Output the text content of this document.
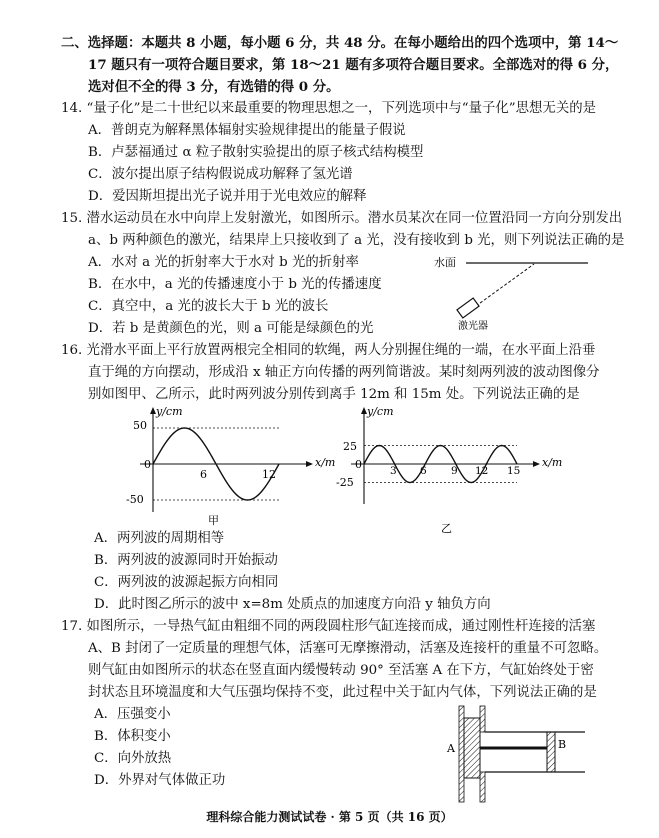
二、选择题：本题共 8 小题，每小题 6 分，共 48 分。在每小题给出的四个选项中，第 14～
17 题只有一项符合题目要求，第 18～21 题有多项符合题目要求。全部选对的得 6 分，
选对但不全的得 3 分，有选错的得 0 分。
14. “量子化”是二十世纪以来最重要的物理思想之一，下列选项中与“量子化”思想无关的是
A．普朗克为解释黑体辐射实验规律提出的能量子假说
B．卢瑟福通过 α 粒子散射实验提出的原子核式结构模型
C．波尔提出原子结构假说成功解释了氢光谱
D．爱因斯坦提出光子说并用于光电效应的解释
15. 潜水运动员在水中向岸上发射激光，如图所示。潜水员某次在同一位置沿同一方向分别发出
a、b 两种颜色的激光，结果岸上只接收到了 a 光，没有接收到 b 光，则下列说法正确的是
A．水对 a 光的折射率大于水对 b 光的折射率
B．在水中，a 光的传播速度小于 b 光的传播速度
C．真空中，a 光的波长大于 b 光的波长
D．若 b 是黄颜色的光，则 a 可能是绿颜色的光
水面
激光器
16. 光滑水平面上平行放置两根完全相同的软绳，两人分别握住绳的一端，在水平面上沿垂
直于绳的方向摆动，形成沿 x 轴正方向传播的两列简谐波。某时刻两列波的波动图像分
别如图甲、乙所示，此时两列波分别传到离手 12m 和 15m 处。下列说法正确的是
y/cm
x/m
0
6	12
50
-50
甲
y/cm
x/m
0	3 6 9 12 15
25
-25
乙
A．两列波的周期相等
B．两列波的波源同时开始振动
C．两列波的波源起振方向相同
D．此时图乙所示的波中 x=8m 处质点的加速度方向沿 y 轴负方向
17. 如图所示，一导热气缸由粗细不同的两段圆柱形气缸连接而成，通过刚性杆连接的活塞
A、B 封闭了一定质量的理想气体，活塞可无摩擦滑动，活塞及连接杆的重量不可忽略。
则气缸由如图所示的状态在竖直面内缓慢转动 90° 至活塞 A 在下方，气缸始终处于密
封状态且环境温度和大气压强均保持不变，此过程中关于缸内气体，下列说法正确的是
A．压强变小
B．体积变小
C．向外放热
D．外界对气体做正功
A	B
理科综合能力测试试卷 · 第 5 页（共 16 页）
